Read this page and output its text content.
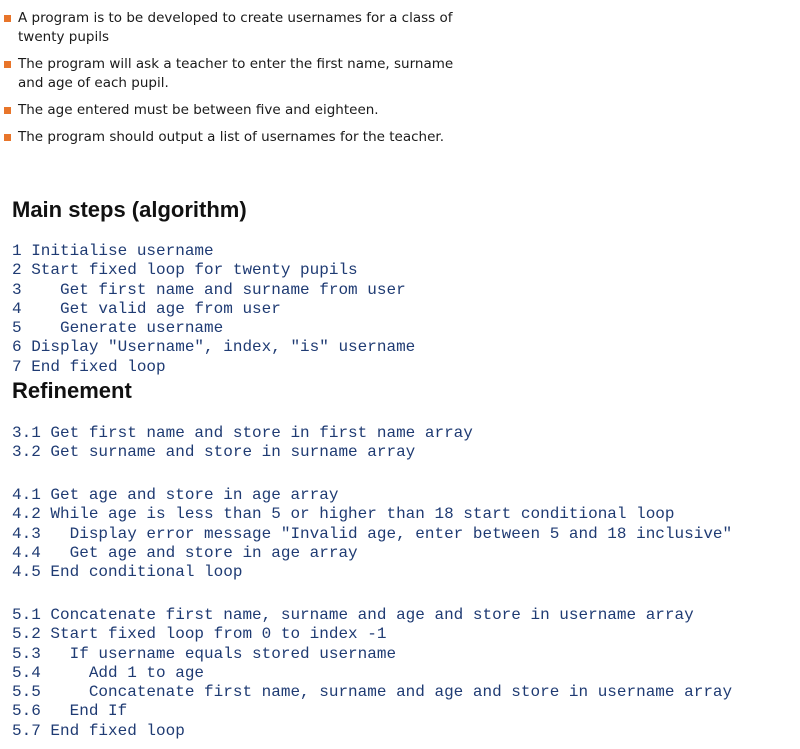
A program is to be developed to create usernames for a class of twenty pupils
The program will ask a teacher to enter the first name, surname and age of each pupil.
The age entered must be between five and eighteen.
The program should output a list of usernames for the teacher.
Main steps (algorithm)
1 Initialise username
2 Start fixed loop for twenty pupils
3    Get first name and surname from user
4    Get valid age from user
5    Generate username
6 Display "Username", index, "is" username
7 End fixed loop
Refinement
3.1 Get first name and store in first name array
3.2 Get surname and store in surname array
4.1 Get age and store in age array
4.2 While age is less than 5 or higher than 18 start conditional loop
4.3   Display error message "Invalid age, enter between 5 and 18 inclusive"
4.4   Get age and store in age array
4.5 End conditional loop
5.1 Concatenate first name, surname and age and store in username array
5.2 Start fixed loop from 0 to index -1
5.3   If username equals stored username
5.4     Add 1 to age
5.5     Concatenate first name, surname and age and store in username array
5.6   End If
5.7 End fixed loop
